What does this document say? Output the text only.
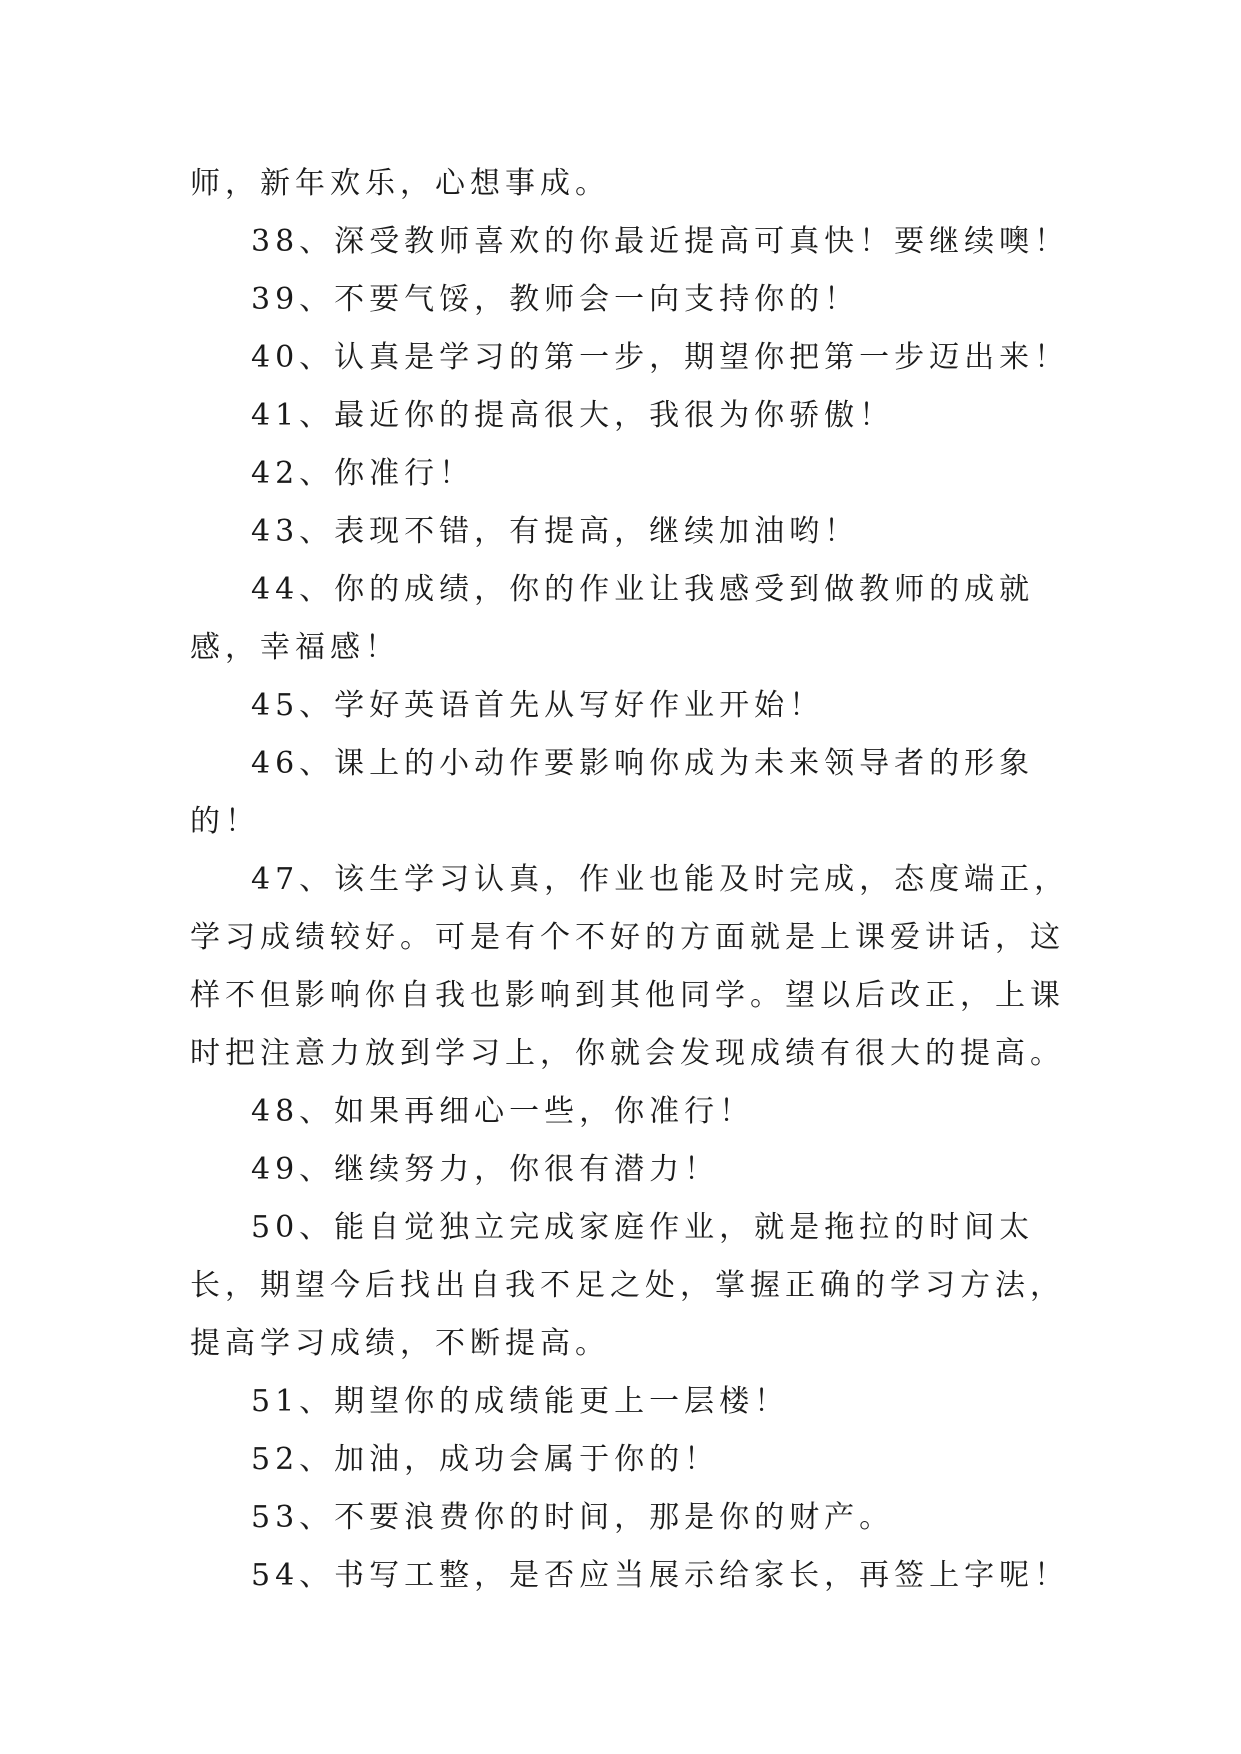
师，新年欢乐，心想事成。

38、深受教师喜欢的你最近提高可真快！要继续噢！

39、不要气馁，教师会一向支持你的！

40、认真是学习的第一步，期望你把第一步迈出来！

41、最近你的提高很大，我很为你骄傲！

42、你准行！

43、表现不错，有提高，继续加油哟！

44、你的成绩，你的作业让我感受到做教师的成就感，幸福感！

45、学好英语首先从写好作业开始！

46、课上的小动作要影响你成为未来领导者的形象的！

47、该生学习认真，作业也能及时完成，态度端正，学习成绩较好。可是有个不好的方面就是上课爱讲话，这样不但影响你自我也影响到其他同学。望以后改正，上课时把注意力放到学习上，你就会发现成绩有很大的提高。

48、如果再细心一些，你准行！

49、继续努力，你很有潜力！

50、能自觉独立完成家庭作业，就是拖拉的时间太长，期望今后找出自我不足之处，掌握正确的学习方法，提高学习成绩，不断提高。

51、期望你的成绩能更上一层楼！

52、加油，成功会属于你的！

53、不要浪费你的时间，那是你的财产。

54、书写工整，是否应当展示给家长，再签上字呢！
